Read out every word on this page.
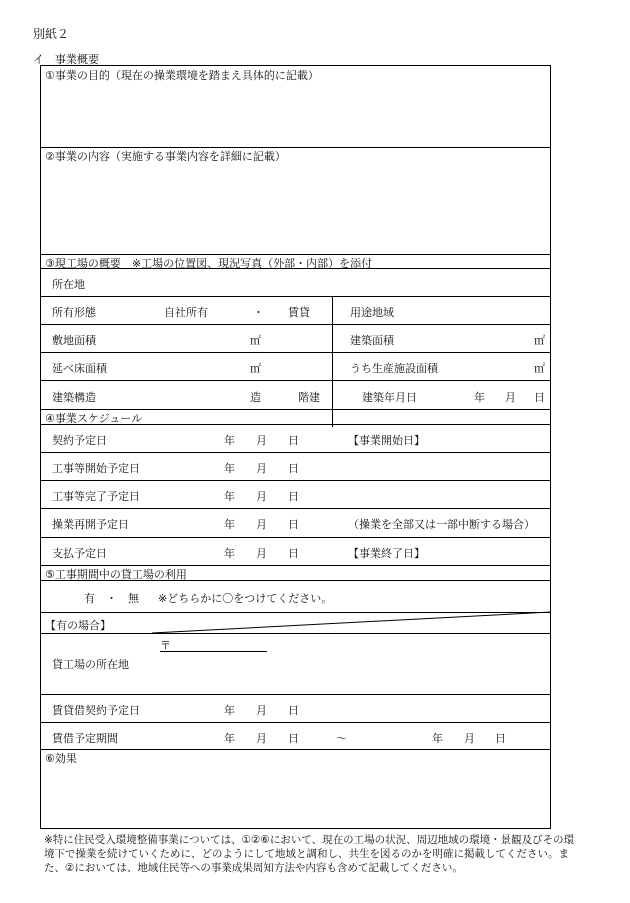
別紙２
イ　事業概要
①事業の目的（現在の操業環境を踏まえ具体的に記載）
②事業の内容（実施する事業内容を詳細に記載）
③現工場の概要　※工場の位置図、現況写真（外部・内部）を添付
所在地
所有形態	自社所有	・ 賃貸	用途地域
敷地面積	㎡	建築面積	㎡
延べ床面積	㎡	うち生産施設面積	㎡
建築構造	造	階建	建築年月日	年 月 日
④事業スケジュール
契約予定日	年 月 日	【事業開始日】
工事等開始予定日	年 月 日
工事等完了予定日	年 月 日
操業再開予定日	年 月 日	（操業を全部又は一部中断する場合）
支払予定日	年 月 日	【事業終了日】
⑤工事期間中の貸工場の利用
有　・　無 ※どちらかに〇をつけてください。
【有の場合】
〒
貸工場の所在地
賃貸借契約予定日	年 月 日
賃借予定期間	年 月 日	～	年 月 日
⑥効果
※特に住民受入環境整備事業については、①②⑥において、現在の工場の状況、周辺地域の環境・景観及びその環境下で操業を続けていくために、どのようにして地域と調和し、共生を図るのかを明確に掲載してください。また、②においては、地域住民等への事業成果周知方法や内容も含めて記載してください。
